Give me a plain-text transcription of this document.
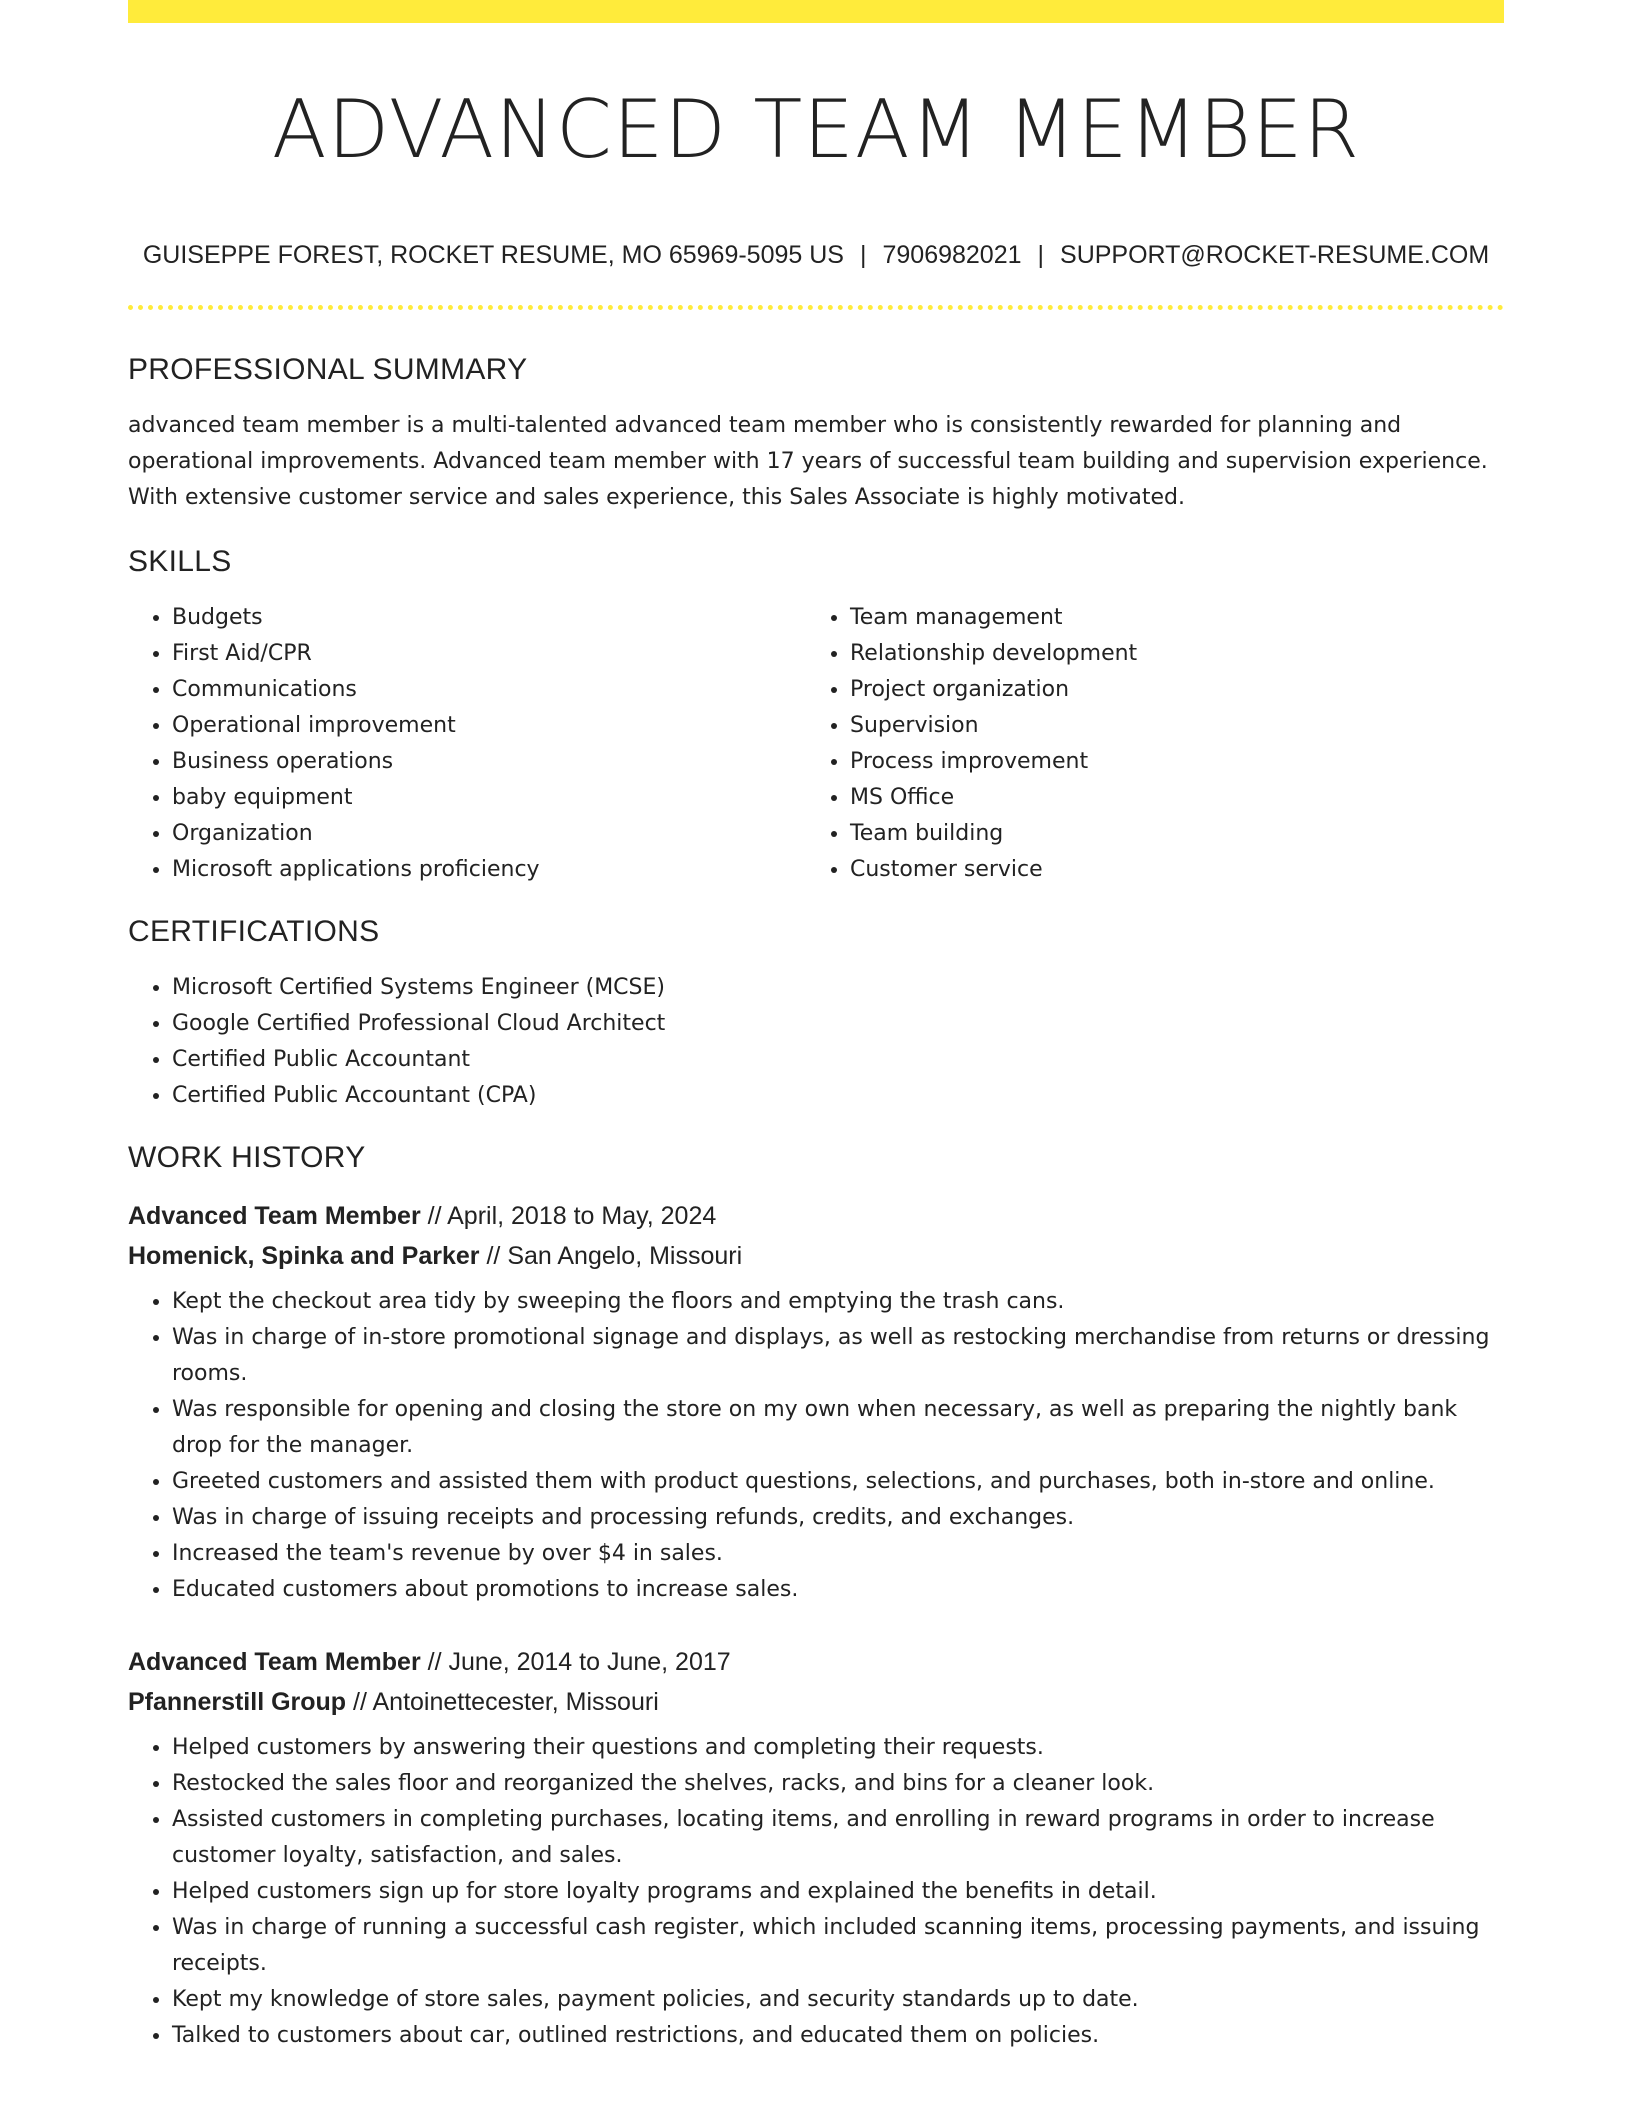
ADVANCED TEAM MEMBER
GUISEPPE FOREST, ROCKET RESUME, MO 65969-5095 US | 7906982021 | SUPPORT@ROCKET-RESUME.COM
PROFESSIONAL SUMMARY

advanced team member is a multi-talented advanced team member who is consistently rewarded for planning and operational improvements. Advanced team member with 17 years of successful team building and supervision experience. With extensive customer service and sales experience, this Sales Associate is highly motivated.

SKILLS
• Budgets
• First Aid/CPR
• Communications
• Operational improvement
• Business operations
• baby equipment
• Organization
• Microsoft applications proficiency
• Team management
• Relationship development
• Project organization
• Supervision
• Process improvement
• MS Office
• Team building
• Customer service
CERTIFICATIONS
• Microsoft Certified Systems Engineer (MCSE)
• Google Certified Professional Cloud Architect
• Certified Public Accountant
• Certified Public Accountant (CPA)
WORK HISTORY
Advanced Team Member // April, 2018 to May, 2024
Homenick, Spinka and Parker // San Angelo, Missouri
• Kept the checkout area tidy by sweeping the floors and emptying the trash cans.
• Was in charge of in-store promotional signage and displays, as well as restocking merchandise from returns or dressing rooms.
• Was responsible for opening and closing the store on my own when necessary, as well as preparing the nightly bank drop for the manager.
• Greeted customers and assisted them with product questions, selections, and purchases, both in-store and online.
• Was in charge of issuing receipts and processing refunds, credits, and exchanges.
• Increased the team's revenue by over $4 in sales.
• Educated customers about promotions to increase sales.
Advanced Team Member // June, 2014 to June, 2017
Pfannerstill Group // Antoinettecester, Missouri
• Helped customers by answering their questions and completing their requests.
• Restocked the sales floor and reorganized the shelves, racks, and bins for a cleaner look.
• Assisted customers in completing purchases, locating items, and enrolling in reward programs in order to increase customer loyalty, satisfaction, and sales.
• Helped customers sign up for store loyalty programs and explained the benefits in detail.
• Was in charge of running a successful cash register, which included scanning items, processing payments, and issuing receipts.
• Kept my knowledge of store sales, payment policies, and security standards up to date.
• Talked to customers about car, outlined restrictions, and educated them on policies.
